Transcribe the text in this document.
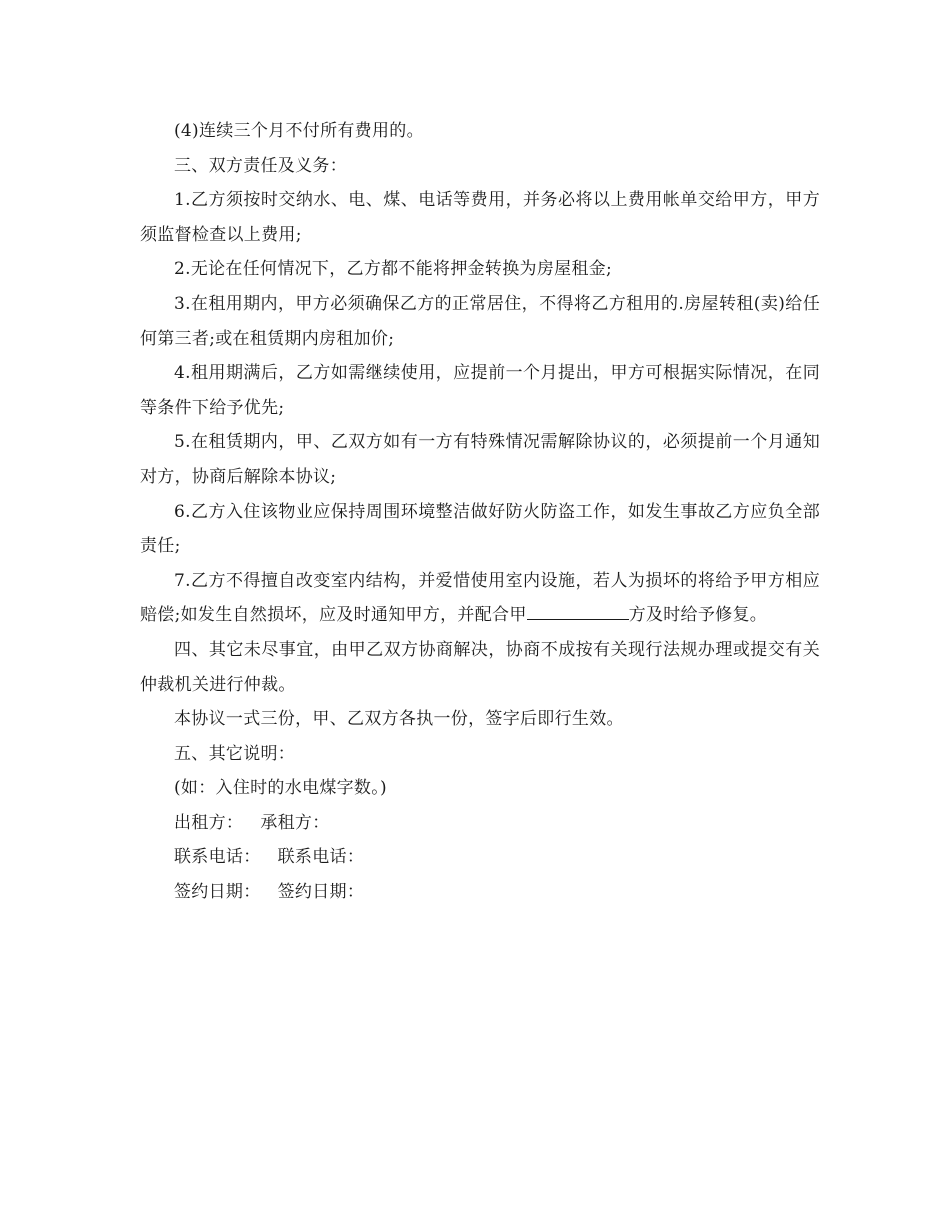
(4)连续三个月不付所有费用的。

三、双方责任及义务：

1.乙方须按时交纳水、电、煤、电话等费用，并务必将以上费用帐单交给甲方，甲方须监督检查以上费用;

2.无论在任何情况下，乙方都不能将押金转换为房屋租金;

3.在租用期内，甲方必须确保乙方的正常居住，不得将乙方租用的.房屋转租(卖)给任何第三者;或在租赁期内房租加价;

4.租用期满后，乙方如需继续使用，应提前一个月提出，甲方可根据实际情况，在同等条件下给予优先;

5.在租赁期内，甲、乙双方如有一方有特殊情况需解除协议的，必须提前一个月通知对方，协商后解除本协议;

6.乙方入住该物业应保持周围环境整洁做好防火防盗工作，如发生事故乙方应负全部责任;

7.乙方不得擅自改变室内结构，并爱惜使用室内设施，若人为损坏的将给予甲方相应赔偿;如发生自然损坏，应及时通知甲方，并配合甲	方及时给予修复。

四、其它未尽事宜，由甲乙双方协商解决，协商不成按有关现行法规办理或提交有关仲裁机关进行仲裁。

本协议一式三份，甲、乙双方各执一份，签字后即行生效。

五、其它说明：

(如：入住时的水电煤字数。)

出租方： 承租方：

联系电话： 联系电话：

签约日期： 签约日期：
